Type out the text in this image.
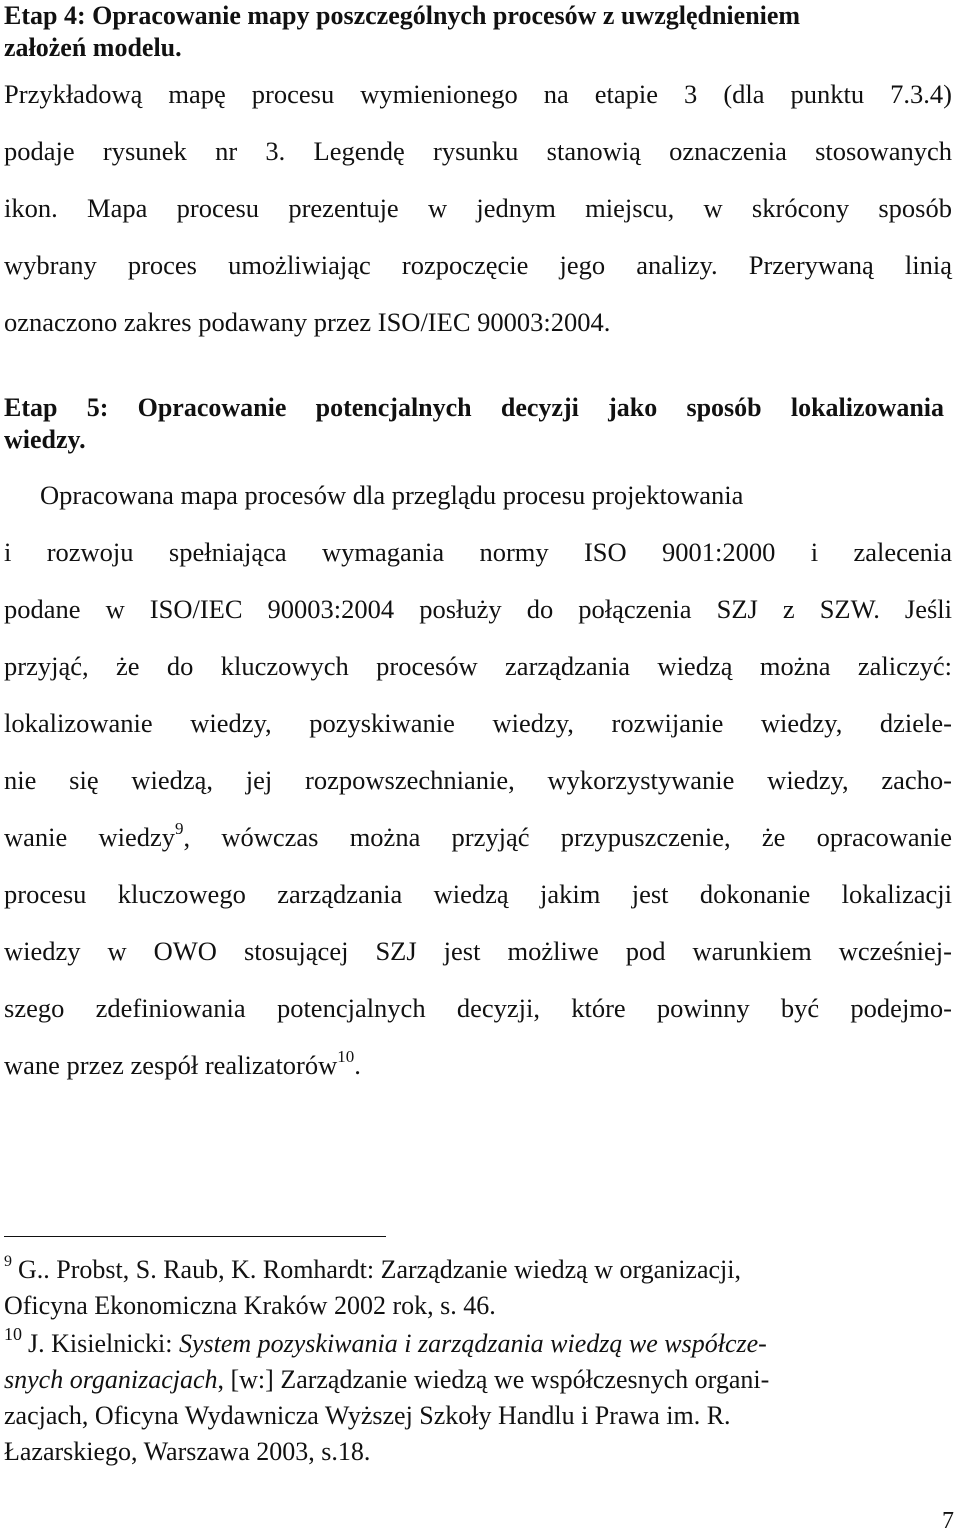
Etap 4: Opracowanie mapy poszczególnych procesów z uwzględnieniem
założeń modelu.
Przykładową mapę procesu wymienionego na etapie 3 (dla punktu 7.3.4)
podaje rysunek nr 3. Legendę rysunku stanowią oznaczenia stosowanych
ikon. Mapa procesu prezentuje w jednym miejscu, w skrócony sposób
wybrany proces umożliwiając rozpoczęcie jego analizy. Przerywaną linią
oznaczono zakres podawany przez ISO/IEC 90003:2004.
Etap 5: Opracowanie potencjalnych decyzji jako sposób lokalizowania
wiedzy.
Opracowana mapa procesów dla przeglądu procesu projektowania
i rozwoju spełniająca wymagania normy ISO 9001:2000 i zalecenia
podane w ISO/IEC 90003:2004 posłuży do połączenia SZJ z SZW. Jeśli
przyjąć, że do kluczowych procesów zarządzania wiedzą można zaliczyć:
lokalizowanie wiedzy, pozyskiwanie wiedzy, rozwijanie wiedzy, dziele-
nie się wiedzą, jej rozpowszechnianie, wykorzystywanie wiedzy, zacho-
wanie wiedzy$^9$, wówczas można przyjąć przypuszczenie, że opracowanie
procesu kluczowego zarządzania wiedzą jakim jest dokonanie lokalizacji
wiedzy w OWO stosującej SZJ jest możliwe pod warunkiem wcześniej-
szego zdefiniowania potencjalnych decyzji, które powinny być podejmo-
wane przez zespół realizatorów$^{10}$.
$^9$ G.. Probst, S. Raub, K. Romhardt: Zarządzanie wiedzą w organizacji,
Oficyna Ekonomiczna Kraków 2002 rok, s. 46.
$^{10}$ J. Kisielnicki: System pozyskiwania i zarządzania wiedzą we współcze-
snych organizacjach, [w:] Zarządzanie wiedzą we współczesnych organi-
zacjach, Oficyna Wydawnicza Wyższej Szkoły Handlu i Prawa im. R.
Łazarskiego, Warszawa 2003, s.18.
7
